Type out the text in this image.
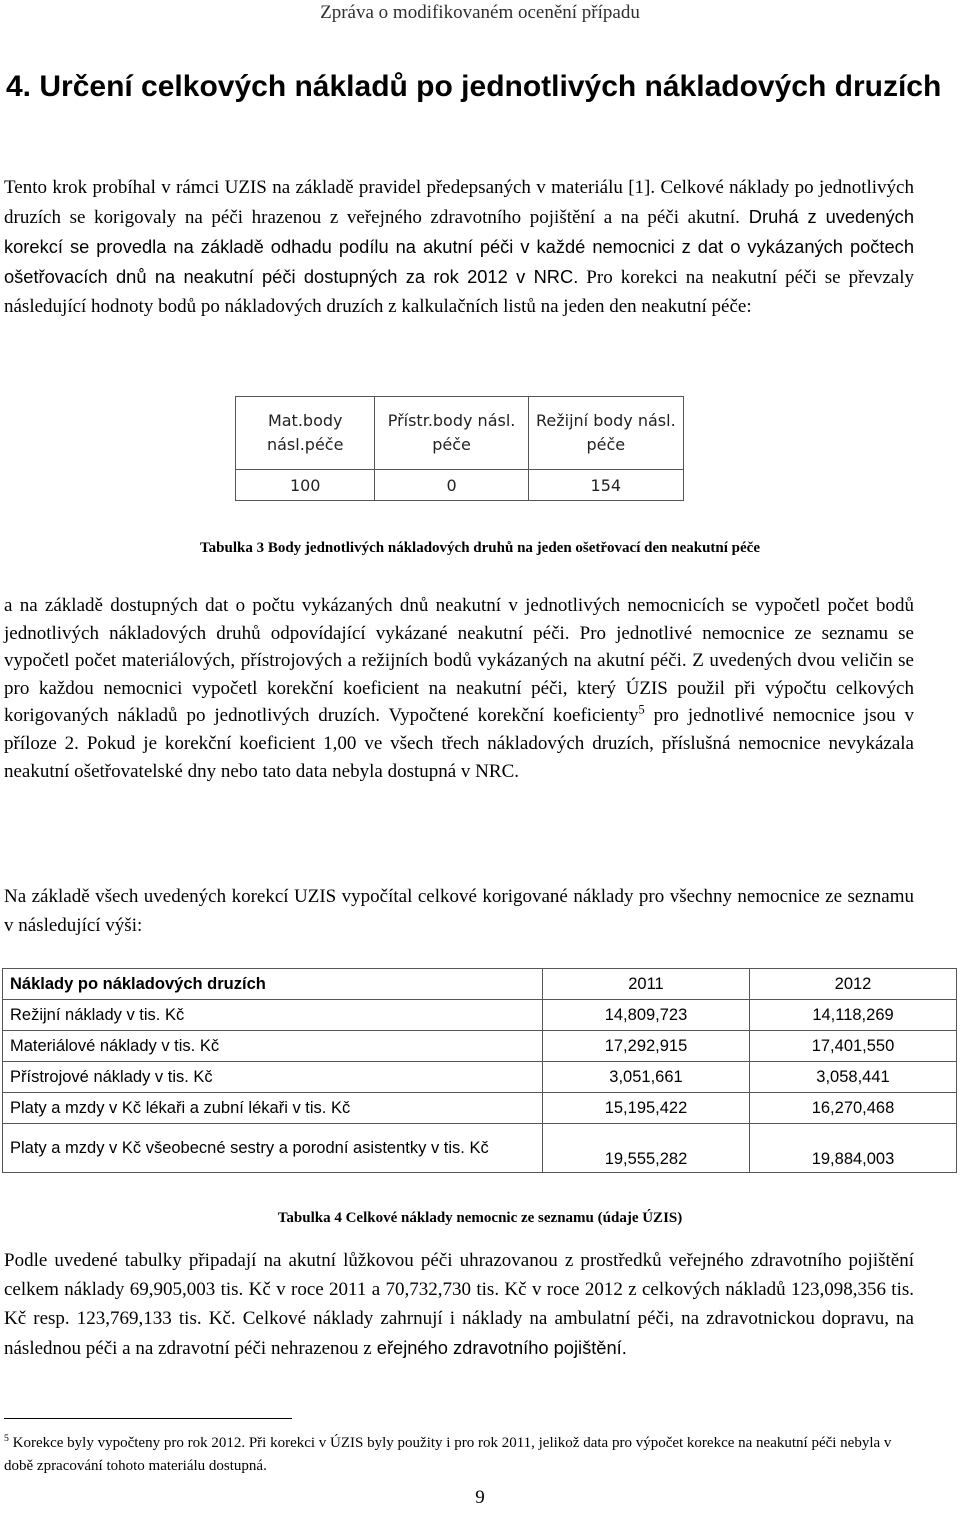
Zpráva o modifikovaném ocenění případu
4. Určení celkových nákladů po jednotlivých nákladových druzích

Tento krok probíhal v rámci UZIS na základě pravidel předepsaných v materiálu [1]. Celkové náklady po jednotlivých druzích se korigovaly na péči hrazenou z veřejného zdravotního pojištění a na péči akutní. Druhá z uvedených korekcí se provedla na základě odhadu podílu na akutní péči v každé nemocnici z dat o vykázaných počtech ošetřovacích dnů na neakutní péči dostupných za rok 2012 v NRC. Pro korekci na neakutní péči se převzaly následující hodnoty bodů po nákladových druzích z kalkulačních listů na jeden den neakutní péče:

Mat.body násl.péče	Přístr.body násl. péče	Režijní body násl. péče
100	0	154

Tabulka 3 Body jednotlivých nákladových druhů na jeden ošetřovací den neakutní péče

a na základě dostupných dat o počtu vykázaných dnů neakutní v jednotlivých nemocnicích se vypočetl počet bodů jednotlivých nákladových druhů odpovídající vykázané neakutní péči. Pro jednotlivé nemocnice ze seznamu se vypočetl počet materiálových, přístrojových a režijních bodů vykázaných na akutní péči. Z uvedených dvou veličin se pro každou nemocnici vypočetl korekční koeficient na neakutní péči, který ÚZIS použil při výpočtu celkových korigovaných nákladů po jednotlivých druzích. Vypočtené korekční koeficienty$^5$ pro jednotlivé nemocnice jsou v příloze 2. Pokud je korekční koeficient 1,00 ve všech třech nákladových druzích, příslušná nemocnice nevykázala neakutní ošetřovatelské dny nebo tato data nebyla dostupná v NRC.

Na základě všech uvedených korekcí UZIS vypočítal celkové korigované náklady pro všechny nemocnice ze seznamu v následující výši:

Náklady po nákladových druzích	2011	2012
Režijní náklady v tis. Kč	14,809,723	14,118,269
Materiálové náklady v tis. Kč	17,292,915	17,401,550
Přístrojové náklady v tis. Kč	3,051,661	3,058,441
Platy a mzdy v Kč lékaři a zubní lékaři v tis. Kč	15,195,422	16,270,468
Platy a mzdy v Kč všeobecné sestry a porodní asistentky v tis. Kč	19,555,282	19,884,003

Tabulka 4 Celkové náklady nemocnic ze seznamu (údaje ÚZIS)

Podle uvedené tabulky připadají na akutní lůžkovou péči uhrazovanou z prostředků veřejného zdravotního pojištění celkem náklady 69,905,003 tis. Kč v roce 2011 a 70,732,730 tis. Kč v roce 2012 z celkových nákladů 123,098,356 tis. Kč resp. 123,769,133 tis. Kč. Celkové náklady zahrnují i náklady na ambulatní péči, na zdravotnickou dopravu, na následnou péči a na zdravotní péči nehrazenou z eřejného zdravotního pojištění.

$^5$ Korekce byly vypočteny pro rok 2012. Při korekci v ÚZIS byly použity i pro rok 2011, jelikož data pro výpočet korekce na neakutní péči nebyla v době zpracování tohoto materiálu dostupná.

9
